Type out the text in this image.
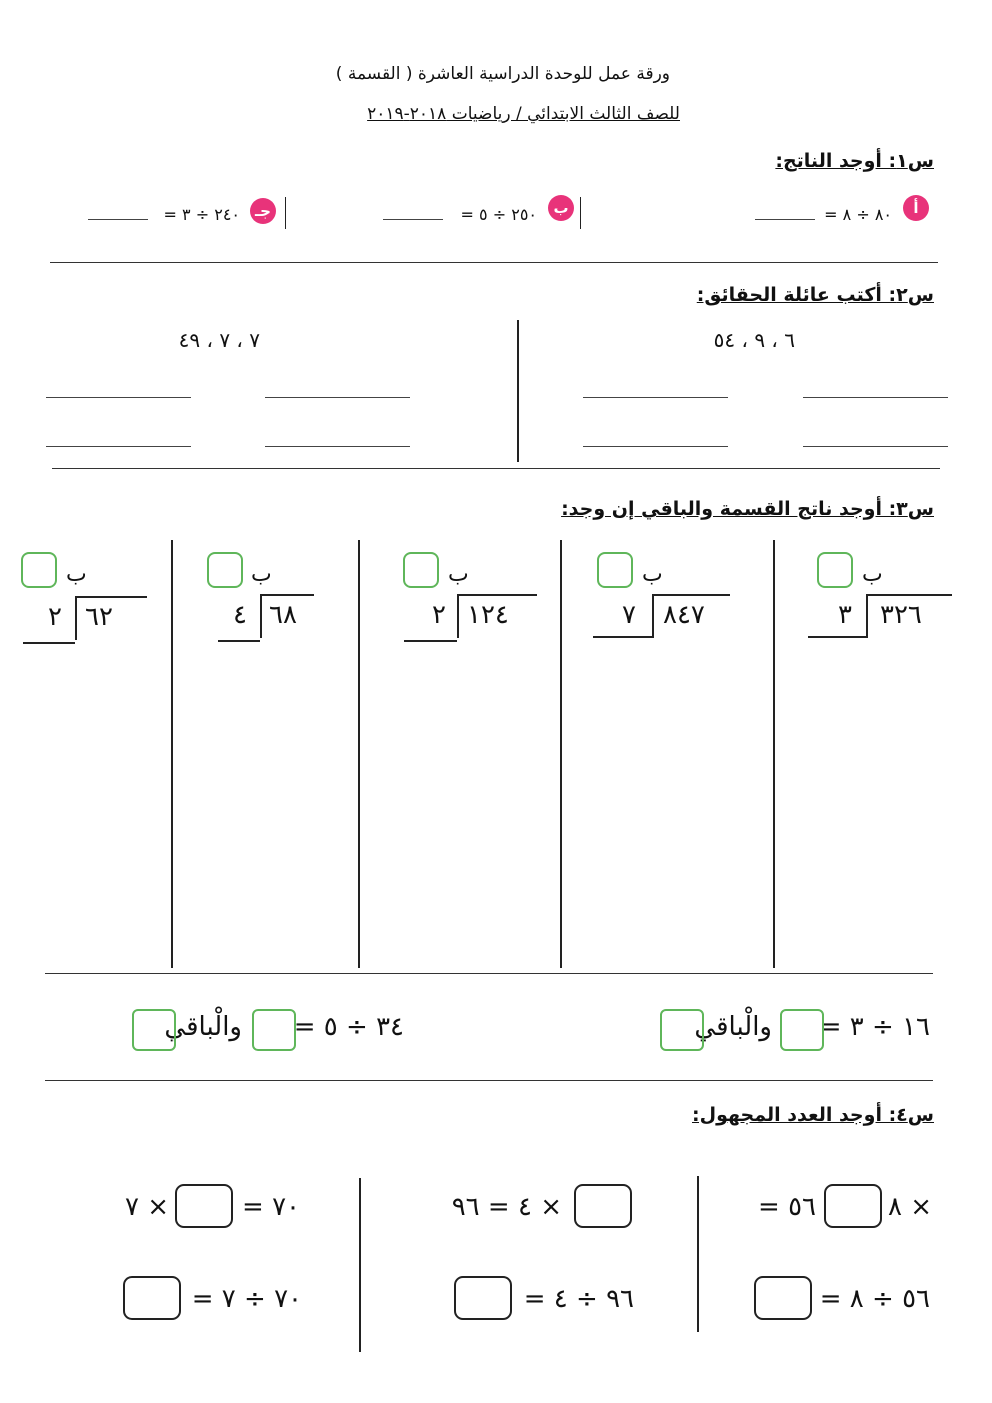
ورقة عمل للوحدة الدراسية العاشرة ( القسمة )
للصف الثالث الابتدائي / رياضيات ٢٠١٨-٢٠١٩
س١: أوجد الناتج:
أ
٨٠ ÷ ٨ =
ب
٢٥٠ ÷ ٥ =
جـ
٢٤٠ ÷ ٣ =
س٢: أكتب عائلة الحقائق:
٦ ، ٩ ، ٥٤
٧ ، ٧ ، ٤٩
س٣: أوجد ناتج القسمة والباقي إن وجد:
ب
٣٢٦
٣
ب
٨٤٧
٧
ب
١٢٤
٢
ب
٦٨
٤
ب
٦٢
٢
١٦ ÷ ٣ =
والْباقي
٣٤ ÷ ٥ =
والْباقي
س٤: أوجد العدد المجهول:
٨ ×
= ٥٦
× ٤ = ٩٦
٧ ×	= ٧٠
٥٦ ÷ ٨ =
٩٦ ÷ ٤ =
٧٠ ÷ ٧ =
